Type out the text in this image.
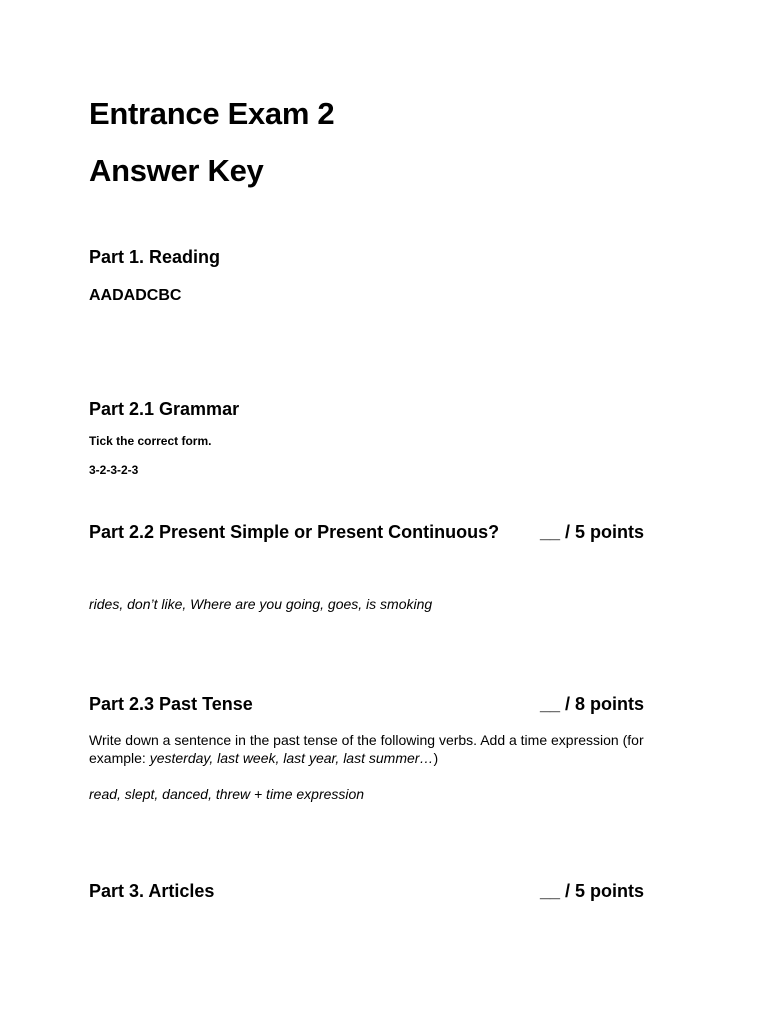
Entrance Exam 2
Answer Key
Part 1. Reading

AADADCBC

Part 2.1 Grammar

Tick the correct form.

3-2-3-2-3

Part 2.2 Present Simple or Present Continuous? __ / 5 points

rides, don’t like, Where are you going, goes, is smoking

Part 2.3 Past Tense	__ / 8 points

Write down a sentence in the past tense of the following verbs. Add a time expression (for example: yesterday, last week, last year, last summer…)

read, slept, danced, threw + time expression

Part 3. Articles	__ / 5 points
